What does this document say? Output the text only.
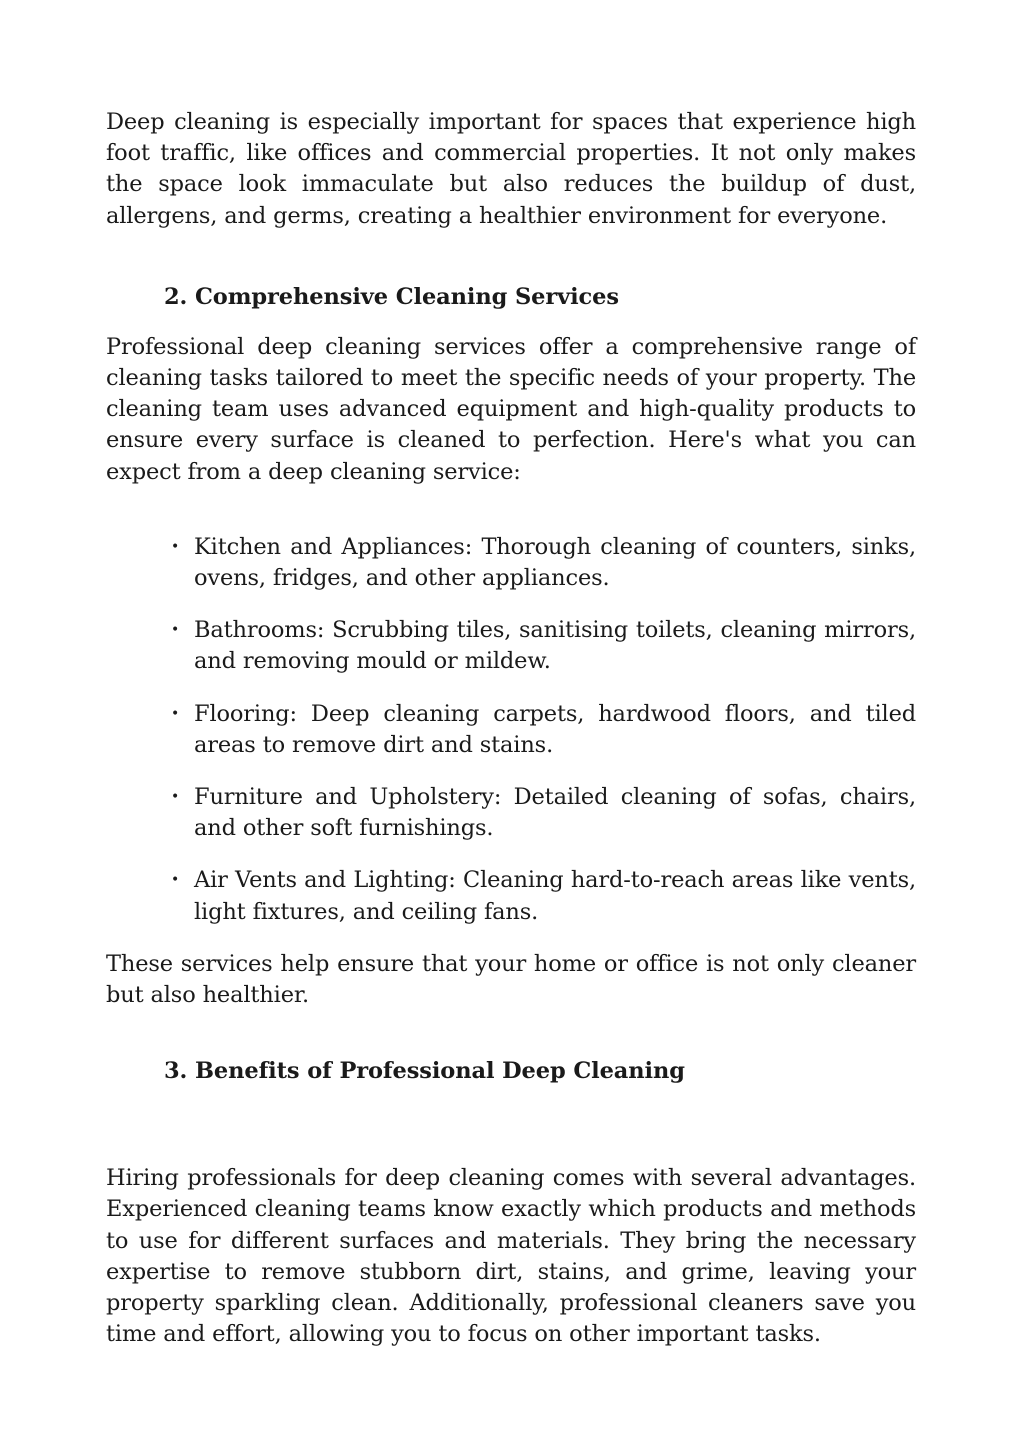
Deep cleaning is especially important for spaces that experience high foot traffic, like offices and commercial properties. It not only makes the space look immaculate but also reduces the buildup of dust, allergens, and germs, creating a healthier environment for everyone.

2. Comprehensive Cleaning Services

Professional deep cleaning services offer a comprehensive range of cleaning tasks tailored to meet the specific needs of your property. The cleaning team uses advanced equipment and high-quality products to ensure every surface is cleaned to perfection. Here's what you can expect from a deep cleaning service:

• Kitchen and Appliances: Thorough cleaning of counters, sinks, ovens, fridges, and other appliances.
• Bathrooms: Scrubbing tiles, sanitising toilets, cleaning mirrors, and removing mould or mildew.
• Flooring: Deep cleaning carpets, hardwood floors, and tiled areas to remove dirt and stains.
• Furniture and Upholstery: Detailed cleaning of sofas, chairs, and other soft furnishings.
• Air Vents and Lighting: Cleaning hard-to-reach areas like vents, light fixtures, and ceiling fans.

These services help ensure that your home or office is not only cleaner but also healthier.

3. Benefits of Professional Deep Cleaning

Hiring professionals for deep cleaning comes with several advantages. Experienced cleaning teams know exactly which products and methods to use for different surfaces and materials. They bring the necessary expertise to remove stubborn dirt, stains, and grime, leaving your property sparkling clean. Additionally, professional cleaners save you time and effort, allowing you to focus on other important tasks.
